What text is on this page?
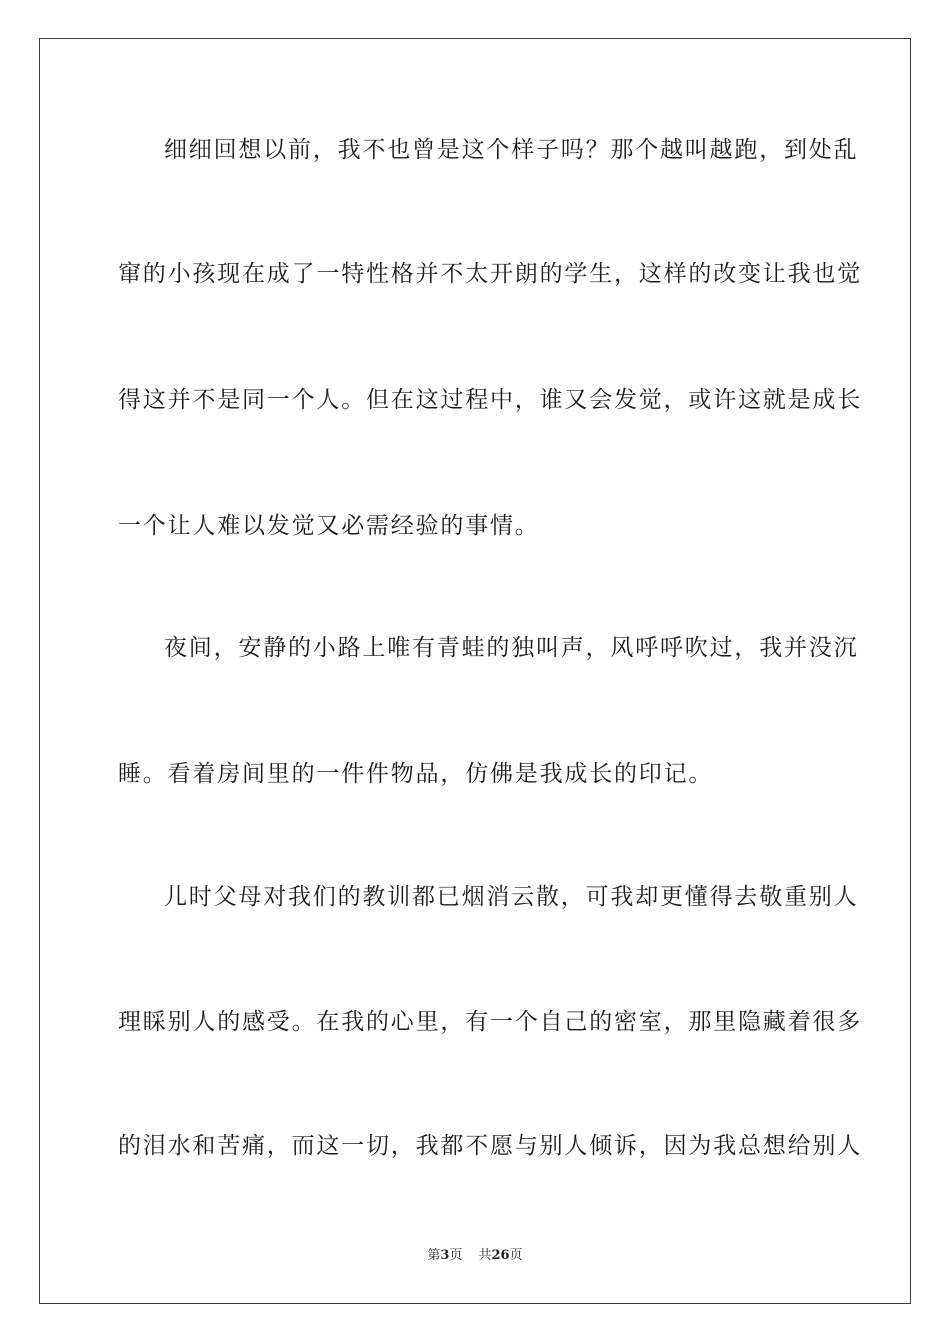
细细回想以前，我不也曾是这个样子吗？那个越叫越跑，到处乱
窜的小孩现在成了一特性格并不太开朗的学生，这样的改变让我也觉
得这并不是同一个人。但在这过程中，谁又会发觉，或许这就是成长
一个让人难以发觉又必需经验的事情。
夜间，安静的小路上唯有青蛙的独叫声，风呼呼吹过，我并没沉
睡。看着房间里的一件件物品，仿佛是我成长的印记。
儿时父母对我们的教训都已烟消云散，可我却更懂得去敬重别人
理睬别人的感受。在我的心里，有一个自己的密室，那里隐藏着很多
的泪水和苦痛，而这一切，我都不愿与别人倾诉，因为我总想给别人
第3页 共26页
